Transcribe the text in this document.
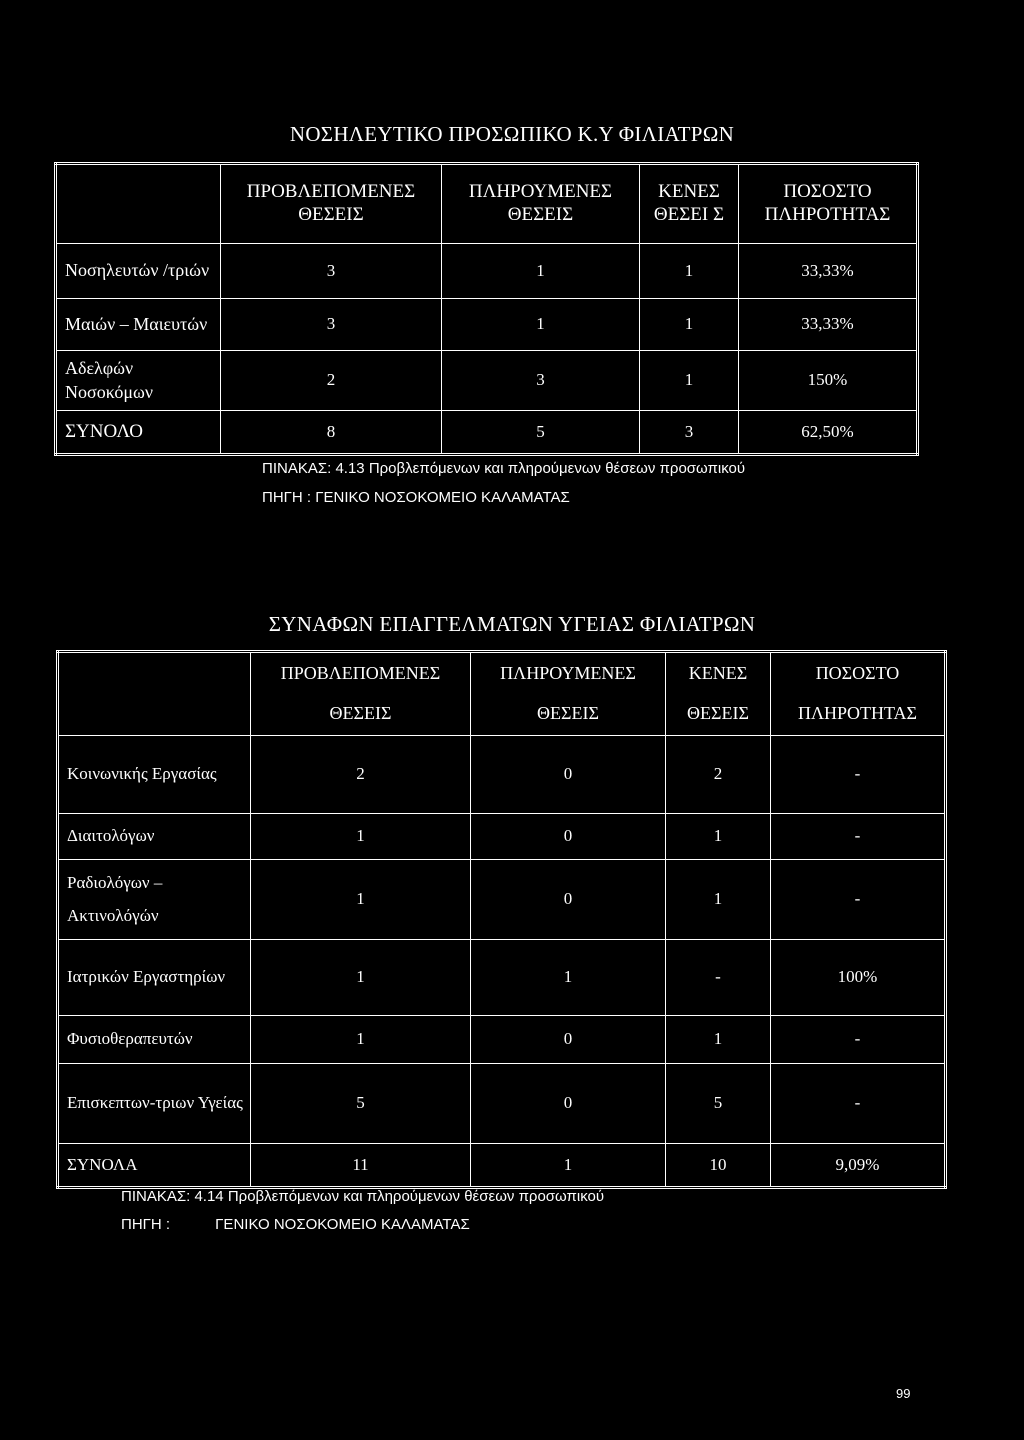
ΝΟΣΗΛΕΥΤΙΚΟ ΠΡΟΣΩΠΙΚΟ Κ.Υ ΦΙΛΙΑΤΡΩΝ
	ΠΡΟΒΛΕΠΟΜΕΝΕΣ ΘΕΣΕΙΣ	ΠΛΗΡΟΥΜΕΝΕΣ ΘΕΣΕΙΣ	ΚΕΝΕΣ ΘΕΣΕΙ Σ	ΠΟΣΟΣΤΟ ΠΛΗΡΟΤΗΤΑΣ
Νοσηλευτών /τριών	3	1	1	33,33%
Μαιών – Μαιευτών	3	1	1	33,33%
Αδελφών Νοσοκόμων	2	3	1	150%
ΣΥΝΟΛΟ	8	5	3	62,50%
ΠΙΝΑΚΑΣ: 4.13 Προβλεπόμενων και πληρούμενων θέσεων προσωπικού
ΠΗΓΗ : ΓΕΝΙΚΟ ΝΟΣΟΚΟΜΕΙΟ ΚΑΛΑΜΑΤΑΣ
ΣΥΝΑΦΩΝ ΕΠΑΓΓΕΛΜΑΤΩΝ ΥΓΕΙΑΣ ΦΙΛΙΑΤΡΩΝ
	ΠΡΟΒΛΕΠΟΜΕΝΕΣ ΘΕΣΕΙΣ	ΠΛΗΡΟΥΜΕΝΕΣ ΘΕΣΕΙΣ	ΚΕΝΕΣ ΘΕΣΕΙΣ	ΠΟΣΟΣΤΟ ΠΛΗΡΟΤΗΤΑΣ
Κοινωνικής Εργασίας	2	0	2	-
Διαιτολόγων	1	0	1	-
Ραδιολόγων – Ακτινολόγών	1	0	1	-
Ιατρικών Εργαστηρίων	1	1	-	100%
Φυσιοθεραπευτών	1	0	1	-
Επισκεπτων-τριων Υγείας	5	0	5	-
ΣΥΝΟΛΑ	11	1	10	9,09%
ΠΙΝΑΚΑΣ: 4.14 Προβλεπόμενων και πληρούμενων θέσεων προσωπικού
ΠΗΓΗ :	ΓΕΝΙΚΟ ΝΟΣΟΚΟΜΕΙΟ ΚΑΛΑΜΑΤΑΣ
99
